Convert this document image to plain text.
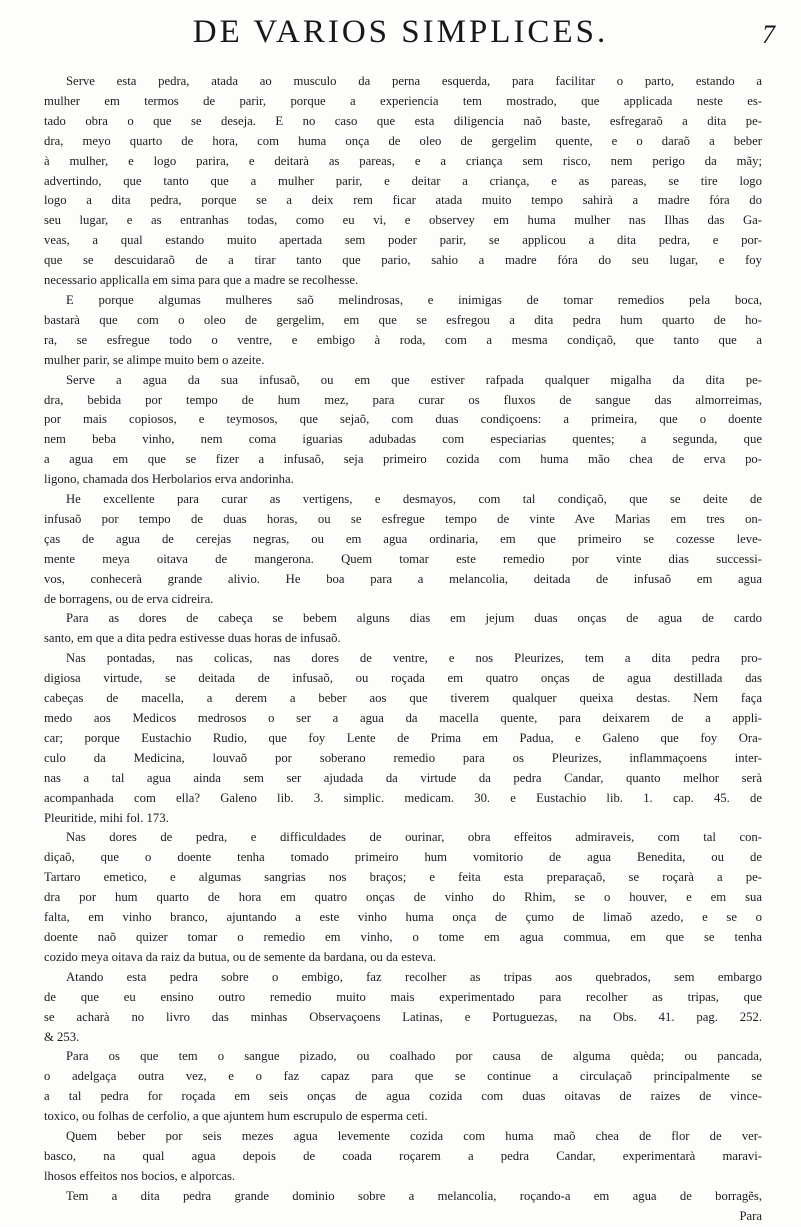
DE VARIOS SIMPLICES.	7
Serve esta pedra, atada ao musculo da perna esquerda, para facilitar o parto, estando a
mulher em termos de parir, porque a experiencia tem mostrado, que applicada neste es-
tado obra o que se deseja. E no caso que esta diligencia naõ baste, esfregaraõ a dita pe-
dra, meyo quarto de hora, com huma onça de oleo de gergelim quente, e o daraõ a beber
à mulher, e logo parira, e deitarà as pareas, e a criança sem risco, nem perigo da mãy;
advertindo, que tanto que a mulher parir, e deitar a criança, e as pareas, se tire logo
logo a dita pedra, porque se a deix rem ficar atada muito tempo sahirà a madre fóra do
seu lugar, e as entranhas todas, como eu vi, e observey em huma mulher nas Ilhas das Ga-
veas, a qual estando muito apertada sem poder parir, se applicou a dita pedra, e por-
que se descuidaraõ de a tirar tanto que pario, sahio a madre fóra do seu lugar, e foy
necessario applicalla em sima para que a madre se recolhesse.
E porque algumas mulheres saõ melindrosas, e inimigas de tomar remedios pela boca,
bastarà que com o oleo de gergelim, em que se esfregou a dita pedra hum quarto de ho-
ra, se esfregue todo o ventre, e embigo à roda, com a mesma condiçaõ, que tanto que a
mulher parir, se alimpe muito bem o azeite.
Serve a agua da sua infusaõ, ou em que estiver rafpada qualquer migalha da dita pe-
dra, bebida por tempo de hum mez, para curar os fluxos de sangue das almorreimas,
por mais copiosos, e teymosos, que sejaõ, com duas condiçoens: a primeira, que o doente
nem beba vinho, nem coma iguarias adubadas com especiarias quentes; a segunda, que
a agua em que se fizer a infusaõ, seja primeiro cozida com huma mão chea de erva po-
ligono, chamada dos Herbolarios erva andorinha.
He excellente para curar as vertigens, e desmayos, com tal condiçaõ, que se deite de
infusaõ por tempo de duas horas, ou se esfregue tempo de vinte Ave Marias em tres on-
ças de agua de cerejas negras, ou em agua ordinaria, em que primeiro se cozesse leve-
mente meya oitava de mangerona. Quem tomar este remedio por vinte dias successi-
vos, conhecerà grande alivio. He boa para a melancolia, deitada de infusaõ em agua
de borragens, ou de erva cidreira.
Para as dores de cabeça se bebem alguns dias em jejum duas onças de agua de cardo
santo, em que a dita pedra estivesse duas horas de infusaõ.
Nas pontadas, nas colicas, nas dores de ventre, e nos Pleurizes, tem a dita pedra pro-
digiosa virtude, se deitada de infusaõ, ou roçada em quatro onças de agua destillada das
cabeças de macella, a derem a beber aos que tiverem qualquer queixa destas. Nem faça
medo aos Medicos medrosos o ser a agua da macella quente, para deixarem de a appli-
car; porque Eustachio Rudio, que foy Lente de Prima em Padua, e Galeno que foy Ora-
culo da Medicina, louvaõ por soberano remedio para os Pleurizes, inflammaçoens inter-
nas a tal agua ainda sem ser ajudada da virtude da pedra Candar, quanto melhor serà
acompanhada com ella? Galeno lib. 3. simplic. medicam. 30. e Eustachio lib. 1. cap. 45. de
Pleuritide, mihi fol. 173.
Nas dores de pedra, e difficuldades de ourinar, obra effeitos admiraveis, com tal con-
diçaõ, que o doente tenha tomado primeiro hum vomitorio de agua Benedita, ou de
Tartaro emetico, e algumas sangrias nos braços; e feita esta preparaçaõ, se roçarà a pe-
dra por hum quarto de hora em quatro onças de vinho do Rhim, se o houver, e em sua
falta, em vinho branco, ajuntando a este vinho huma onça de çumo de limaõ azedo, e se o
doente naõ quizer tomar o remedio em vinho, o tome em agua commua, em que se tenha
cozido meya oitava da raiz da butua, ou de semente da bardana, ou da esteva.
Atando esta pedra sobre o embigo, faz recolher as tripas aos quebrados, sem embargo
de que eu ensino outro remedio muito mais experimentado para recolher as tripas, que
se acharà no livro das minhas Observaçoens Latinas, e Portuguezas, na Obs. 41. pag. 252.
& 253.
Para os que tem o sangue pizado, ou coalhado por causa de alguma quèda; ou pancada,
o adelgaça outra vez, e o faz capaz para que se continue a circulaçaõ principalmente se
a tal pedra for roçada em seis onças de agua cozida com duas oitavas de raizes de vince-
toxico, ou folhas de cerfolio, a que ajuntem hum escrupulo de esperma ceti.
Quem beber por seis mezes agua levemente cozida com huma maõ chea de flor de ver-
basco, na qual agua depois de coada roçarem a pedra Candar, experimentarà maravi-
lhosos effeitos nos bocios, e alporcas.
Tem a dita pedra grande dominio sobre a melancolia, roçando-a em agua de borragẽs,
Para
